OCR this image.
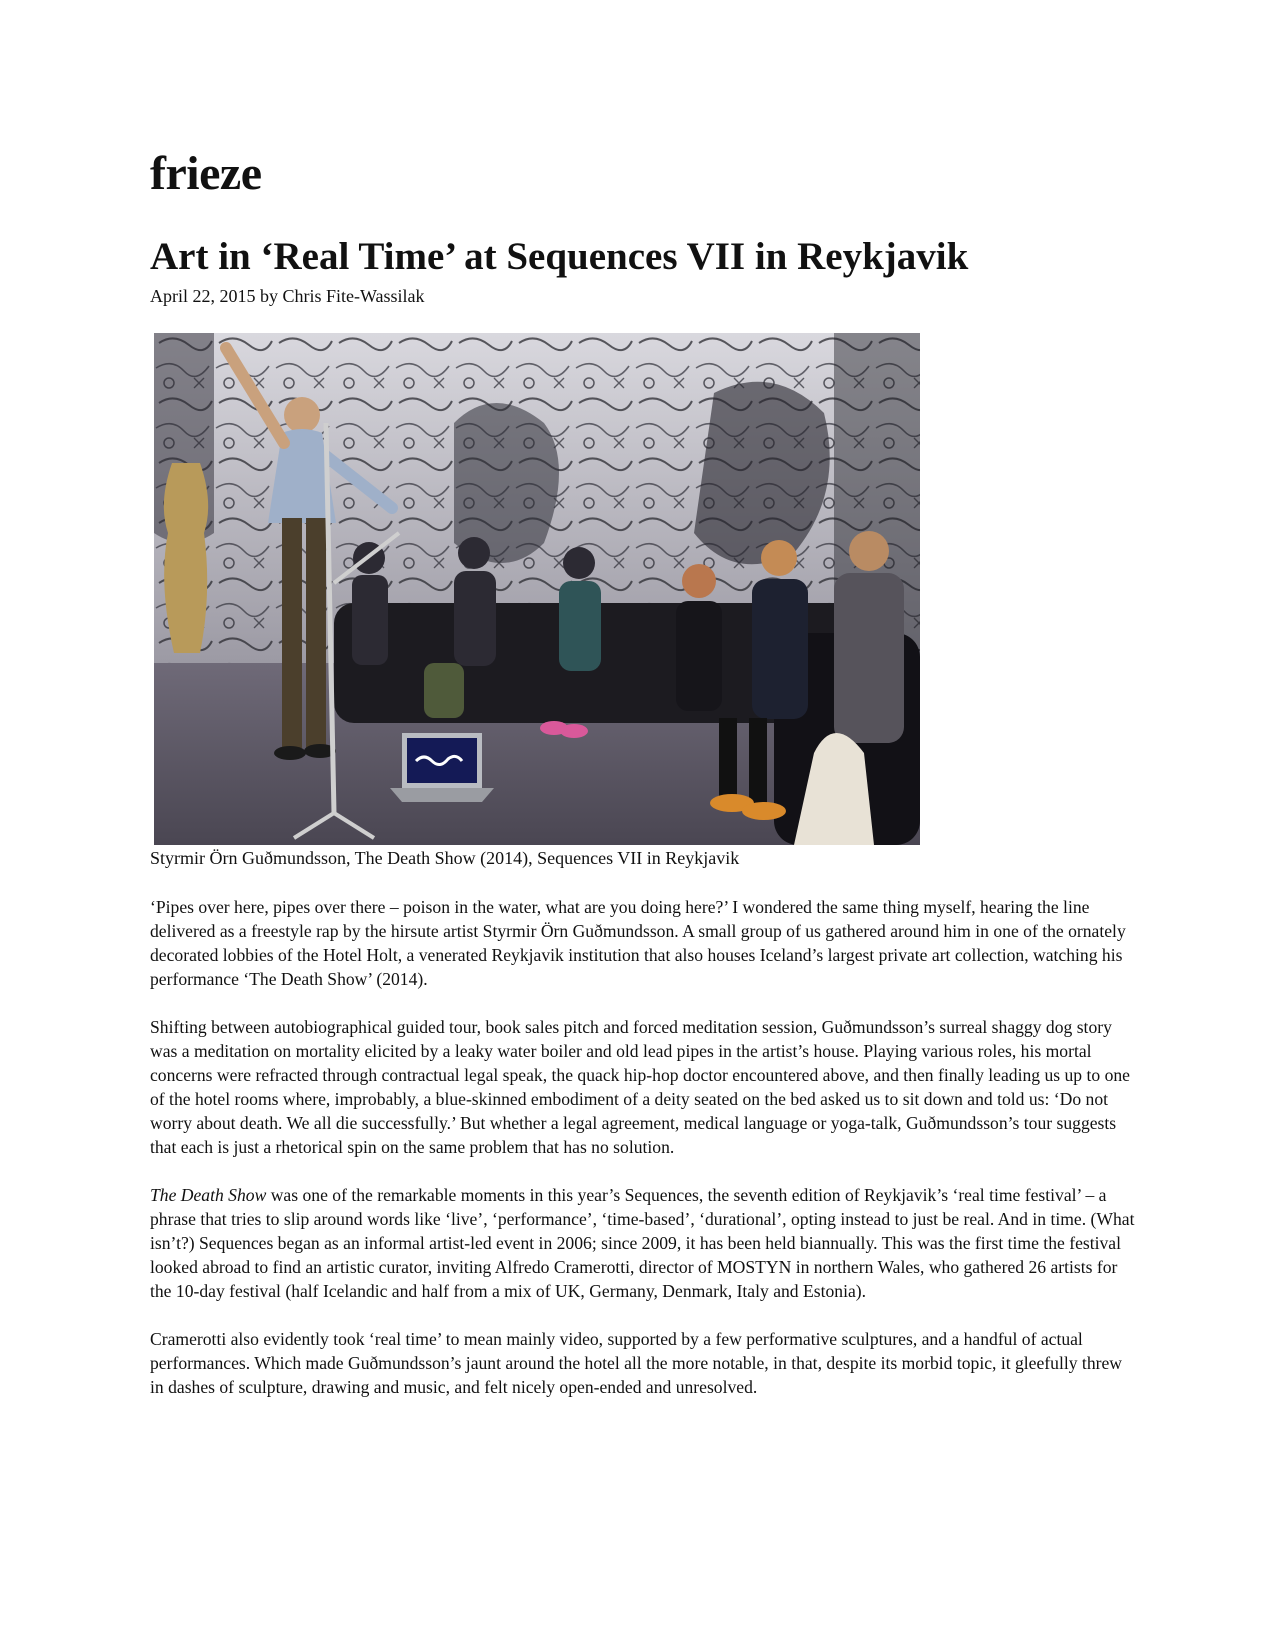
frieze
Art in ‘Real Time’ at Sequences VII in Reykjavik
April 22, 2015 by Chris Fite-Wassilak
Styrmir Örn Guðmundsson, The Death Show (2014), Sequences VII in Reykjavik

‘Pipes over here, pipes over there – poison in the water, what are you doing here?’ I wondered the same thing myself, hearing the line delivered as a freestyle rap by the hirsute artist Styrmir Örn Guðmundsson. A small group of us gathered around him in one of the ornately decorated lobbies of the Hotel Holt, a venerated Reykjavik institution that also houses Iceland’s largest private art collection, watching his performance ‘The Death Show’ (2014).

Shifting between autobiographical guided tour, book sales pitch and forced meditation session, Guðmundsson’s surreal shaggy dog story was a meditation on mortality elicited by a leaky water boiler and old lead pipes in the artist’s house. Playing various roles, his mortal concerns were refracted through contractual legal speak, the quack hip-hop doctor encountered above, and then finally leading us up to one of the hotel rooms where, improbably, a blue-skinned embodiment of a deity seated on the bed asked us to sit down and told us: ‘Do not worry about death. We all die successfully.’ But whether a legal agreement, medical language or yoga-talk, Guðmundsson’s tour suggests that each is just a rhetorical spin on the same problem that has no solution.

The Death Show was one of the remarkable moments in this year’s Sequences, the seventh edition of Reykjavik’s ‘real time festival’ – a phrase that tries to slip around words like ‘live’, ‘performance’, ‘time-based’, ‘durational’, opting instead to just be real. And in time. (What isn’t?) Sequences began as an informal artist-led event in 2006; since 2009, it has been held biannually. This was the first time the festival looked abroad to find an artistic curator, inviting Alfredo Cramerotti, director of MOSTYN in northern Wales, who gathered 26 artists for the 10-day festival (half Icelandic and half from a mix of UK, Germany, Denmark, Italy and Estonia).

Cramerotti also evidently took ‘real time’ to mean mainly video, supported by a few performative sculptures, and a handful of actual performances. Which made Guðmundsson’s jaunt around the hotel all the more notable, in that, despite its morbid topic, it gleefully threw in dashes of sculpture, drawing and music, and felt nicely open-ended and unresolved.
